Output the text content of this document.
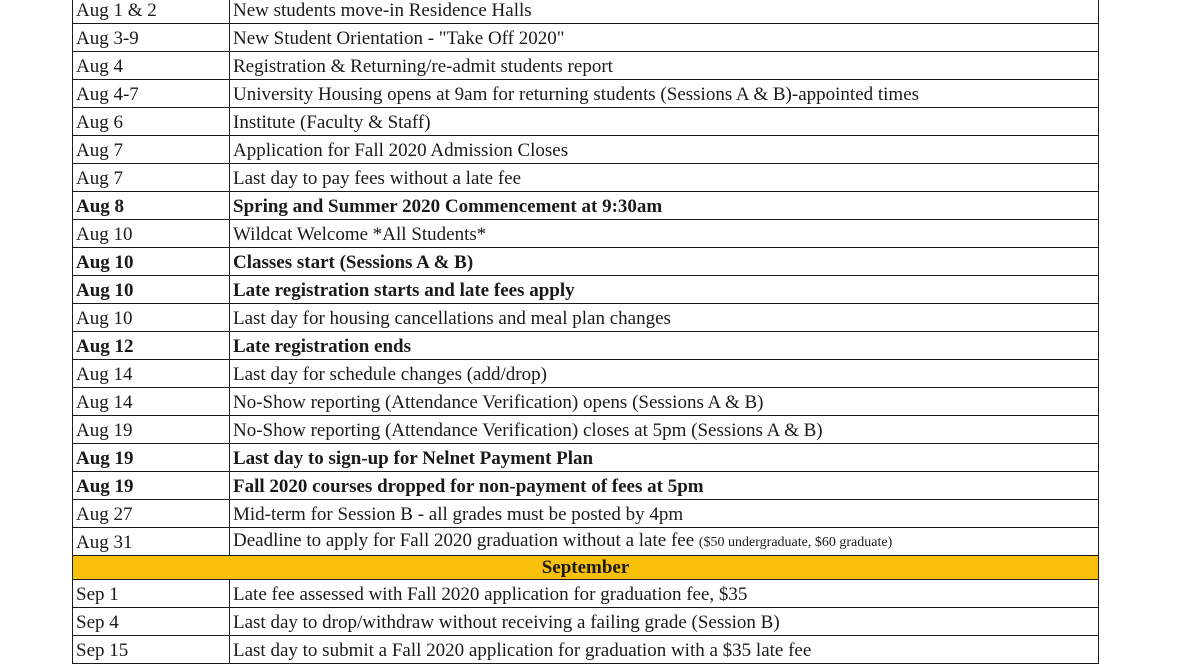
Aug 1 & 2	New students move-in Residence Halls
Aug 3-9	New Student Orientation - "Take Off 2020"
Aug 4	Registration & Returning/re-admit students report
Aug 4-7	University Housing opens at 9am for returning students (Sessions A & B)-appointed times
Aug 6	Institute (Faculty & Staff)
Aug 7	Application for Fall 2020 Admission Closes
Aug 7	Last day to pay fees without a late fee
Aug 8	Spring and Summer 2020 Commencement at 9:30am
Aug 10	Wildcat Welcome *All Students*
Aug 10	Classes start (Sessions A & B)
Aug 10	Late registration starts and late fees apply
Aug 10	Last day for housing cancellations and meal plan changes
Aug 12	Late registration ends
Aug 14	Last day for schedule changes (add/drop)
Aug 14	No-Show reporting (Attendance Verification) opens (Sessions A & B)
Aug 19	No-Show reporting (Attendance Verification) closes at 5pm (Sessions A & B)
Aug 19	Last day to sign-up for Nelnet Payment Plan
Aug 19	Fall 2020 courses dropped for non-payment of fees at 5pm
Aug 27	Mid-term for Session B - all grades must be posted by 4pm
Aug 31	Deadline to apply for Fall 2020 graduation without a late fee ($50 undergraduate, $60 graduate)
September	
Sep 1	Late fee assessed with Fall 2020 application for graduation fee, $35
Sep 4	Last day to drop/withdraw without receiving a failing grade (Session B)
Sep 15	Last day to submit a Fall 2020 application for graduation with a $35 late fee
